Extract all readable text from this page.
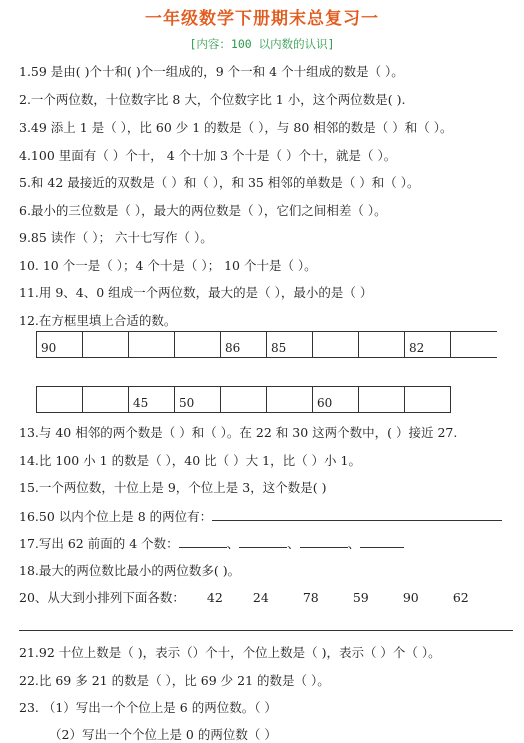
一年级数学下册期末总复习一
[内容：100 以内数的认识]
1.59 是由( )个十和( )个一组成的，9 个一和 4 个十组成的数是（ ）。
2.一个两位数，十位数字比 8 大，个位数字比 1 小，这个两位数是( ).
3.49 添上 1 是（ ），比 60 少 1 的数是（ ），与 80 相邻的数是（ ）和（ ）。
4.100 里面有（ ）个十， 4 个十加 3 个十是（ ）个十，就是（ ）。
5.和 42 最接近的双数是（ ）和（ ），和 35 相邻的单数是（ ）和（ ）。
6.最小的三位数是（ ），最大的两位数是（ ），它们之间相差（ ）。
9.85 读作（ ）； 六十七写作（ ）。
10. 10 个一是（ ）；4 个十是（ ）； 10 个十是（ ）。
11.用 9、4、0 组成一个两位数，最大的是（ ），最小的是（ ）
12.在方框里填上合适的数。
90				86	85			82	
		45	50			60		
13.与 40 相邻的两个数是（ ）和（ ）。在 22 和 30 这两个数中，( ）接近 27.
14.比 100 小 1 的数是（ ），40 比（ ）大 1，比（ ）小 1。
15.一个两位数，十位上是 9，个位上是 3，这个数是( )
16.50 以内个位上是 8 的两位有：
17.写出 62 前面的 4 个数：	、	、	、
18.最大的两位数比最小的两位数多( )。
20、从大到小排列下面各数： 42 24	78	59	90	62
21.92 十位上数是（ )，表示（）个十，个位上数是（ )，表示（ ）个（ ）。
22.比 69 多 21 的数是（ ），比 69 少 21 的数是（ ）。
23. （1）写出一个个位上是 6 的两位数。（ ）
（2）写出一个个位上是 0 的两位数（ ）
